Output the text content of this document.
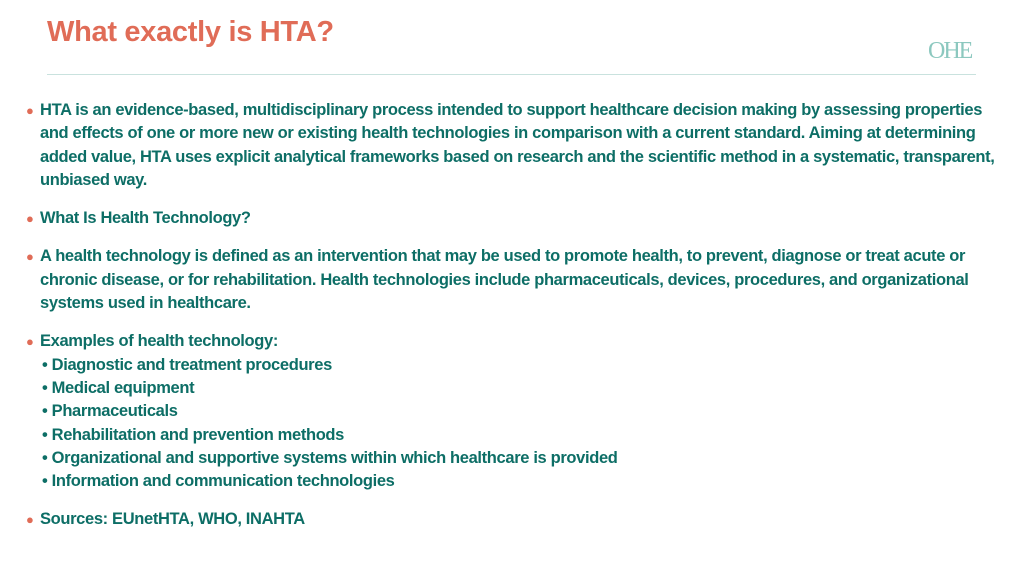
What exactly is HTA?
OHE
● HTA is an evidence-based, multidisciplinary process intended to support healthcare decision making by assessing properties and effects of one or more new or existing health technologies in comparison with a current standard. Aiming at determining added value, HTA uses explicit analytical frameworks based on research and the scientific method in a systematic, transparent, unbiased way.
● What Is Health Technology?
● A health technology is defined as an intervention that may be used to promote health, to prevent, diagnose or treat acute or chronic disease, or for rehabilitation. Health technologies include pharmaceuticals, devices, procedures, and organizational systems used in healthcare.
● Examples of health technology:
• Diagnostic and treatment procedures
• Medical equipment
• Pharmaceuticals
• Rehabilitation and prevention methods
• Organizational and supportive systems within which healthcare is provided
• Information and communication technologies
● Sources: EUnetHTA, WHO, INAHTA
